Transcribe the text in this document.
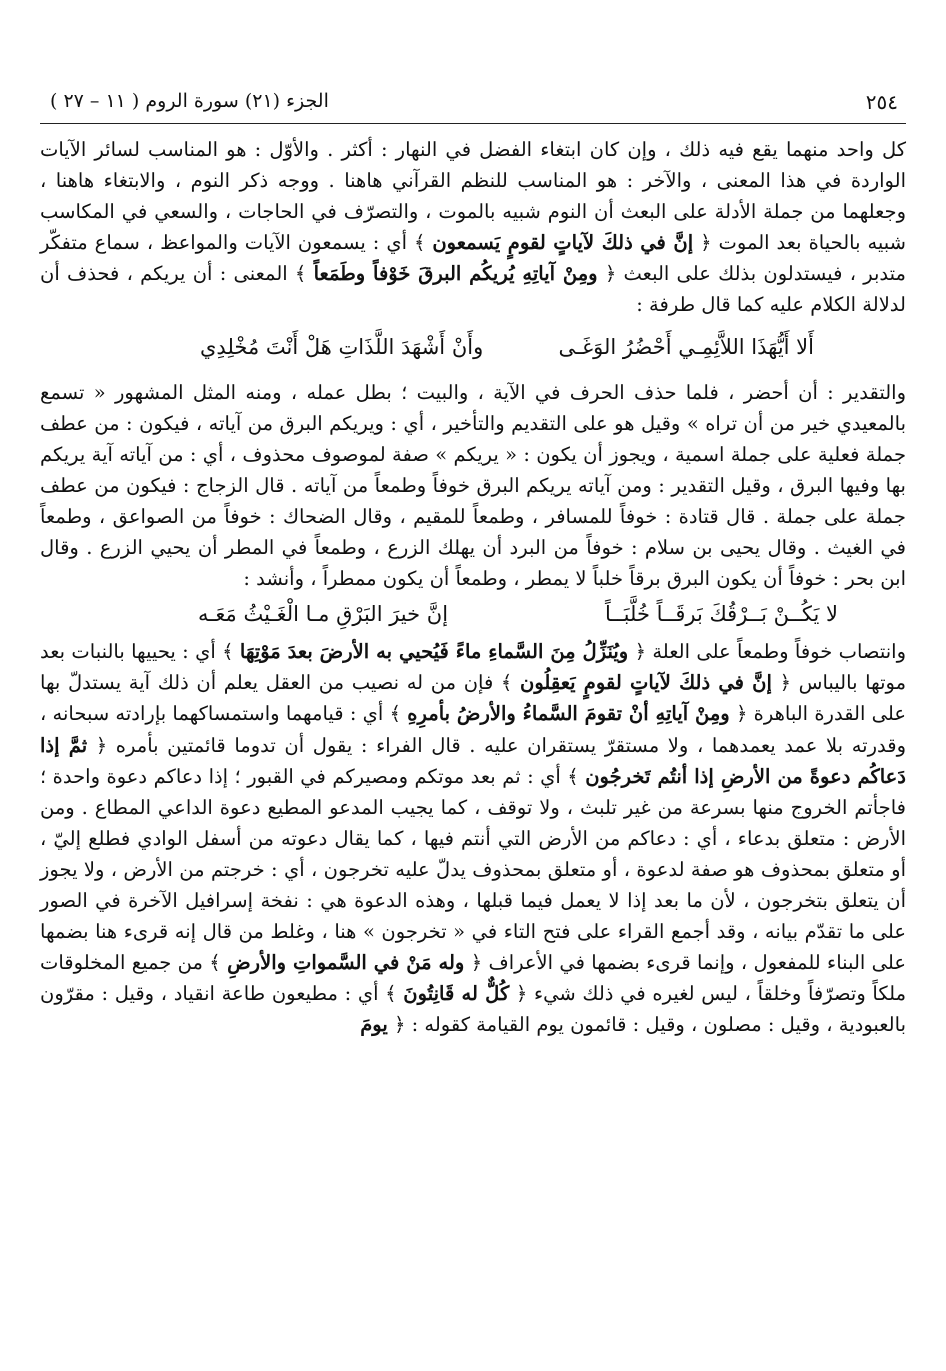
٢٥٤
الجزء (٢١) سورة الروم ( ١١ – ٢٧ )

كل واحد منهما يقع فيه ذلك ، وإن كان ابتغاء الفضل في النهار : أكثر . والأوّل : هو المناسب لسائر الآيات الواردة في هذا المعنى ، والآخر : هو المناسب للنظم القرآني هاهنا . ووجه ذكر النوم ، والابتغاء هاهنا ، وجعلهما من جملة الأدلة على البعث أن النوم شبيه بالموت ، والتصرّف في الحاجات ، والسعي في المكاسب شبيه بالحياة بعد الموت ﴿ إنَّ في ذلكَ لآياتٍ لقومٍ يَسمعون ﴾ أي : يسمعون الآيات والمواعظ ، سماع متفكّر متدبر ، فيستدلون بذلك على البعث ﴿ ومِنْ آياتِهِ يُريكُم البرقَ خَوْفاً وطَمَعاً ﴾ المعنى : أن يريكم ، فحذف أن لدلالة الكلام عليه كما قال طرفة :

أَلا أَيُّهَذَا اللاَّئِمِـي أَحْضُرُ الوَغَـى
وأَنْ أَشْهَدَ اللَّذَاتِ هَلْ أَنْتَ مُخْلِدِي

والتقدير : أن أحضر ، فلما حذف الحرف في الآية ، والبيت ؛ بطل عمله ، ومنه المثل المشهور « تسمع بالمعيدي خير من أن تراه » وقيل هو على التقديم والتأخير ، أي : ويريكم البرق من آياته ، فيكون : من عطف جملة فعلية على جملة اسمية ، ويجوز أن يكون : « يريكم » صفة لموصوف محذوف ، أي : من آياته آية يريكم بها وفيها البرق ، وقيل التقدير : ومن آياته يريكم البرق خوفاً وطمعاً من آياته . قال الزجاج : فيكون من عطف جملة على جملة . قال قتادة : خوفاً للمسافر ، وطمعاً للمقيم ، وقال الضحاك : خوفاً من الصواعق ، وطمعاً في الغيث . وقال يحيى بن سلام : خوفاً من البرد أن يهلك الزرع ، وطمعاً في المطر أن يحيي الزرع . وقال ابن بحر : خوفاً أن يكون البرق برقاً خلباً لا يمطر ، وطمعاً أن يكون ممطراً ، وأنشد :

لا يَكُــنْ بَــرْقُكَ بَرقَــاً خُلَّبَــاً
إنَّ خيرَ البَرْقِ مـا الْغَـيْثُ مَعَـه

وانتصاب خوفاً وطمعاً على العلة ﴿ ويُنَزِّلُ مِنَ السَّماءِ ماءً فَيُحيي به الأرضَ بعدَ مَوْتِهَا ﴾ أي : يحييها بالنبات بعد موتها باليباس ﴿ إنَّ في ذلكَ لآياتٍ لقومٍ يَعقِلُون ﴾ فإن من له نصيب من العقل يعلم أن ذلك آية يستدلّ بها على القدرة الباهرة ﴿ ومِنْ آياتِهِ أنْ تقومَ السَّماءُ والأرضُ بأمرِهِ ﴾ أي : قيامهما واستمساكهما بإرادته سبحانه ، وقدرته بلا عمد يعمدهما ، ولا مستقرّ يستقران عليه . قال الفراء : يقول أن تدوما قائمتين بأمره ﴿ ثمَّ إذا دَعاكُم دعوةً من الأرضِ إذا أنتُم تَخرجُون ﴾ أي : ثم بعد موتكم ومصيركم في القبور ؛ إذا دعاكم دعوة واحدة ؛ فاجأتم الخروج منها بسرعة من غير تلبث ، ولا توقف ، كما يجيب المدعو المطيع دعوة الداعي المطاع . ومن الأرض : متعلق بدعاء ، أي : دعاكم من الأرض التي أنتم فيها ، كما يقال دعوته من أسفل الوادي فطلع إليّ ، أو متعلق بمحذوف هو صفة لدعوة ، أو متعلق بمحذوف يدلّ عليه تخرجون ، أي : خرجتم من الأرض ، ولا يجوز أن يتعلق بتخرجون ، لأن ما بعد إذا لا يعمل فيما قبلها ، وهذه الدعوة هي : نفخة إسرافيل الآخرة في الصور على ما تقدّم بيانه ، وقد أجمع القراء على فتح التاء في « تخرجون » هنا ، وغلط من قال إنه قرىء هنا بضمها على البناء للمفعول ، وإنما قرىء بضمها في الأعراف ﴿ وله مَنْ في السَّمواتِ والأرضِ ﴾ من جميع المخلوقات ملكاً وتصرّفاً وخلقاً ، ليس لغيره في ذلك شيء ﴿ كُلٌّ له قَانِتُونَ ﴾ أي : مطيعون طاعة انقياد ، وقيل : مقرّون بالعبودية ، وقيل : مصلون ، وقيل : قائمون يوم القيامة كقوله : ﴿ يومَ
